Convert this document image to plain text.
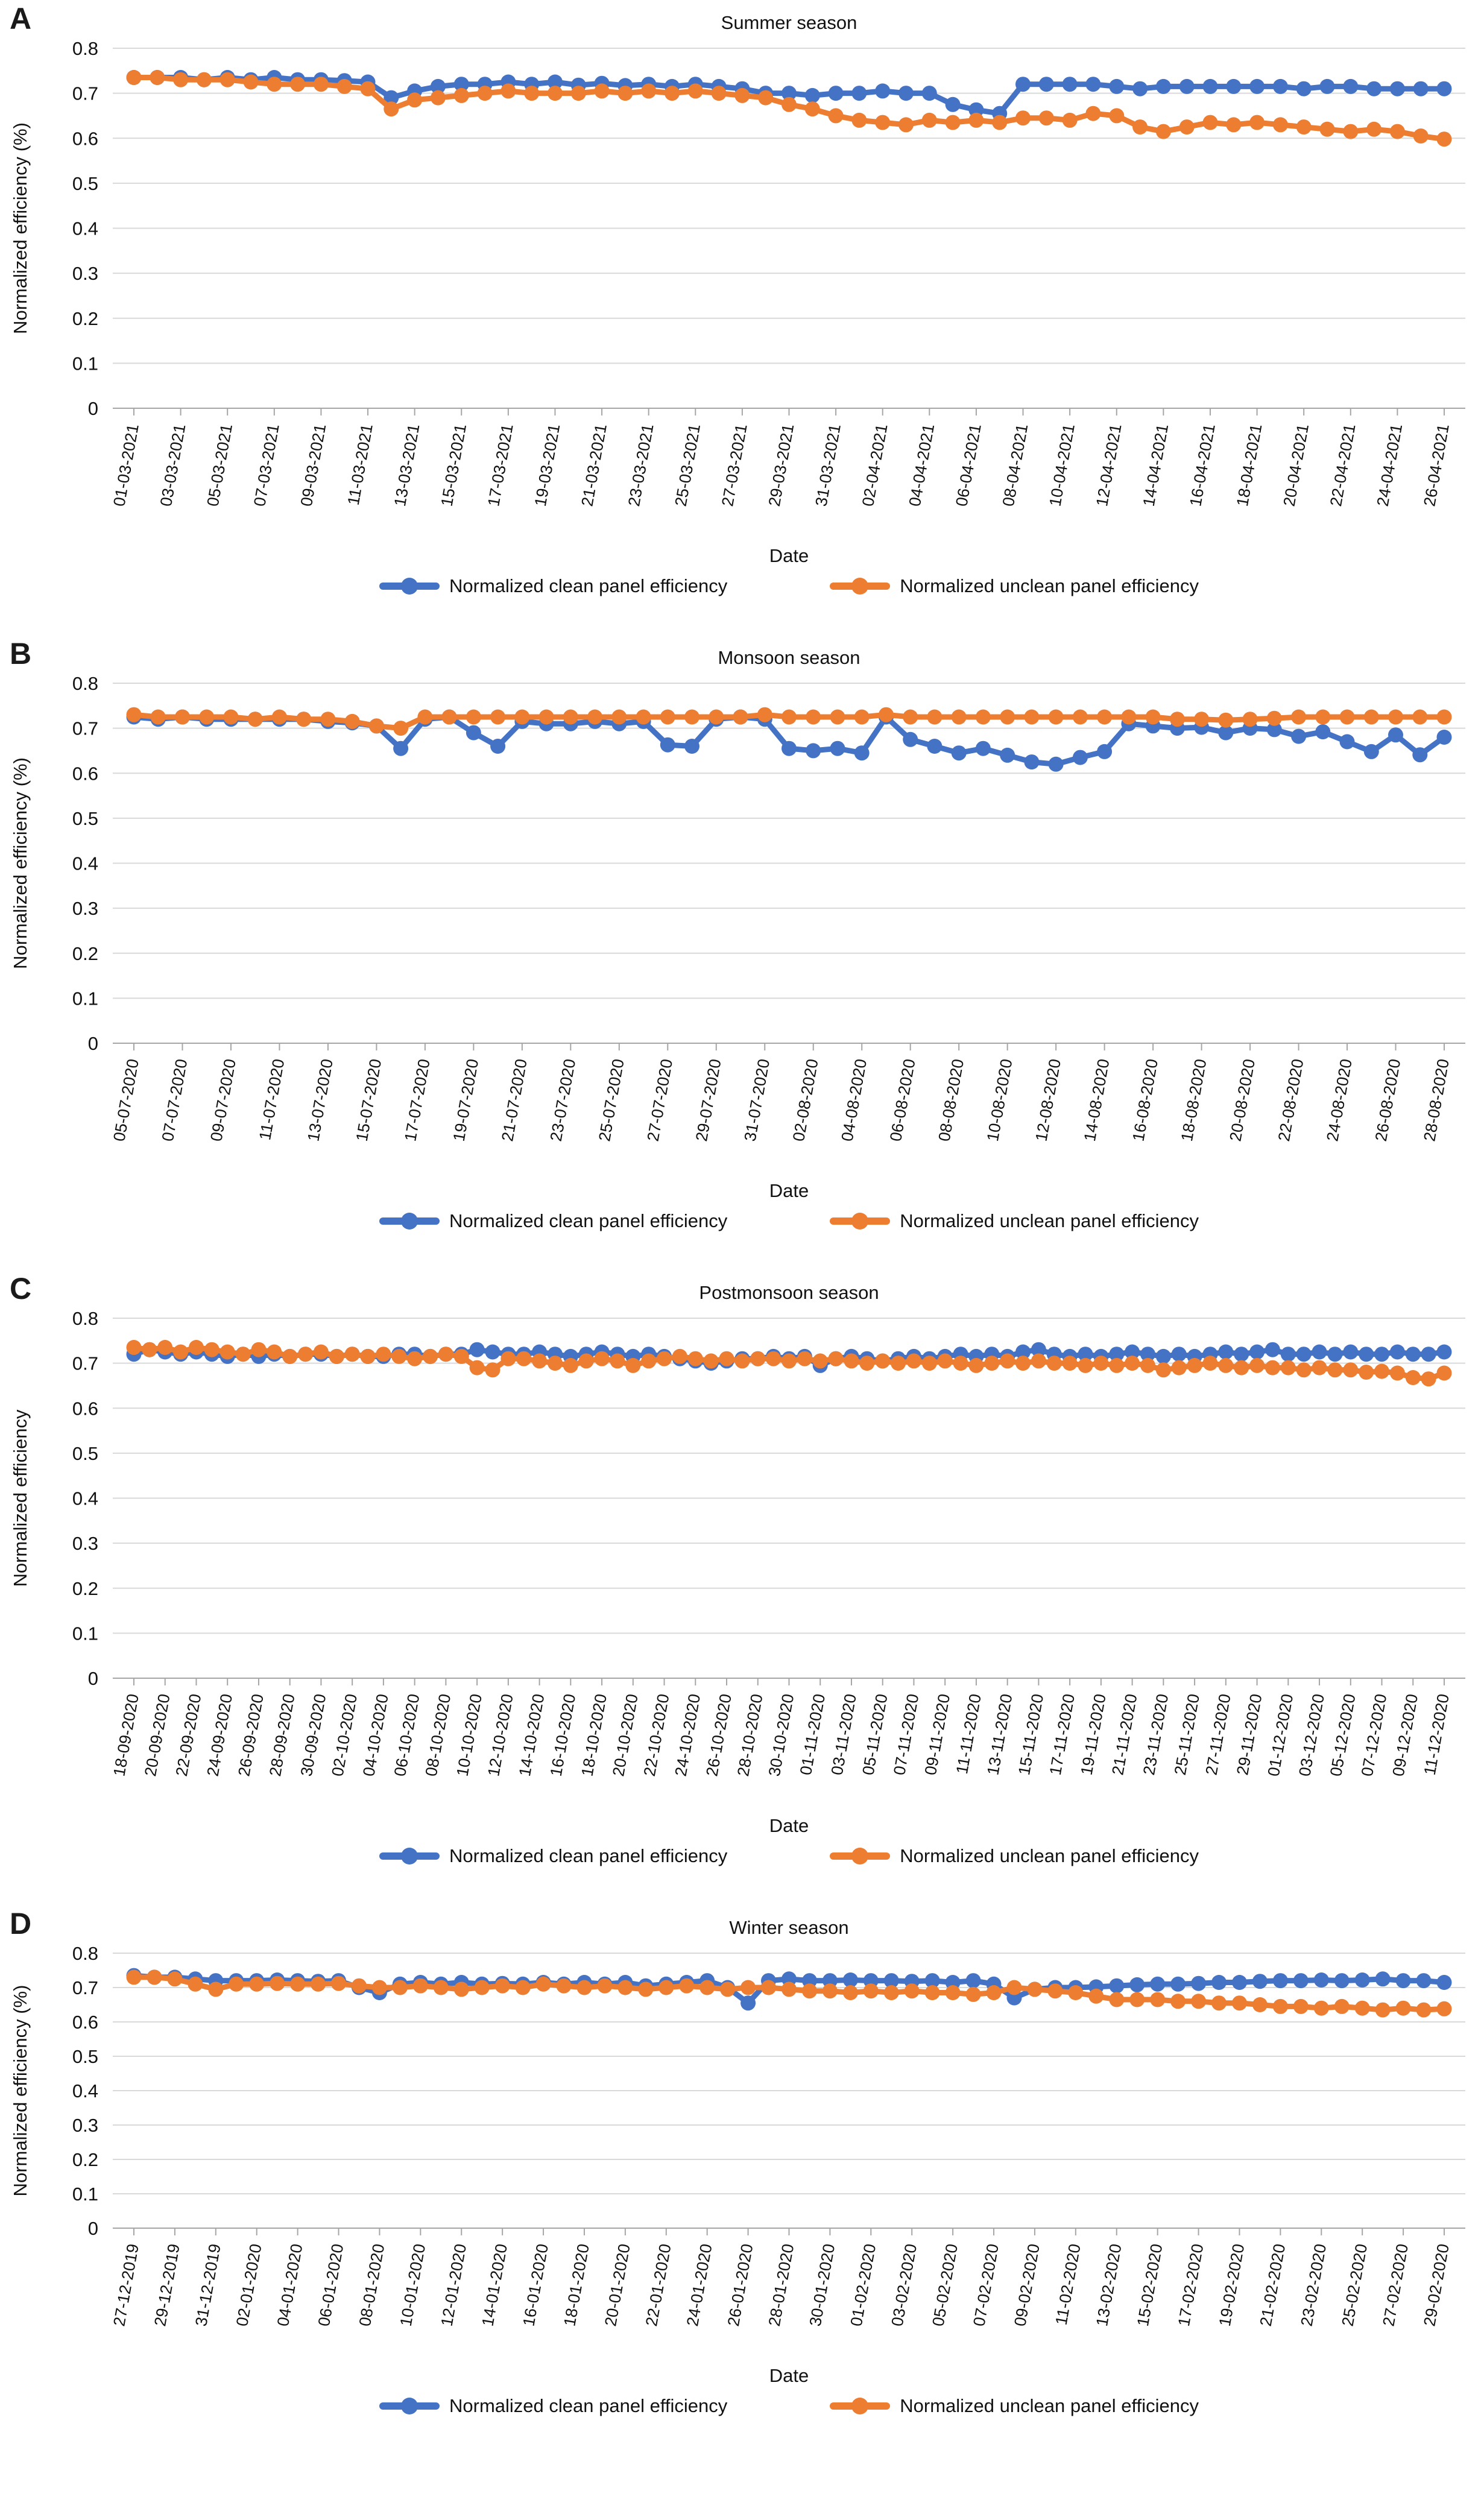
A	Summer season
0
0.1
0.2
0.3
0.4
0.5
0.6
0.7
0.8
Normalized efficiency (%)
01-03-2021 03-03-2021 05-03-2021 07-03-2021 09-03-2021 11-03-2021 13-03-2021 15-03-2021 17-03-2021 19-03-2021 21-03-2021 23-03-2021 25-03-2021 27-03-2021 29-03-2021 31-03-2021 02-04-2021 04-04-2021 06-04-2021 08-04-2021 10-04-2021 12-04-2021 14-04-2021 16-04-2021 18-04-2021 20-04-2021 22-04-2021 24-04-2021 26-04-2021
Date
Normalized clean panel efficiency	Normalized unclean panel efficiency
B	Monsoon season
0
0.1
0.2
0.3
0.4
0.5
0.6
0.7
0.8
Normalized efficiency (%)
05-07-2020 07-07-2020 09-07-2020 11-07-2020 13-07-2020 15-07-2020 17-07-2020 19-07-2020 21-07-2020 23-07-2020 25-07-2020 27-07-2020 29-07-2020 31-07-2020 02-08-2020 04-08-2020 06-08-2020 08-08-2020 10-08-2020 12-08-2020 14-08-2020 16-08-2020 18-08-2020 20-08-2020 22-08-2020 24-08-2020 26-08-2020 28-08-2020
Date
Normalized clean panel efficiency	Normalized unclean panel efficiency
C	Postmonsoon season
0
0.1
0.2
0.3
0.4
0.5
0.6
0.7
0.8
Normalized efficiency
18-09-2020
20-09-2020
22-09-2020
24-09-2020
26-09-2020
28-09-2020
30-09-2020
02-10-2020
04-10-2020
06-10-2020
08-10-2020
10-10-2020
12-10-2020
14-10-2020
16-10-2020
18-10-2020
20-10-2020
22-10-2020
24-10-2020
26-10-2020
28-10-2020
30-10-2020
01-11-2020
03-11-2020
05-11-2020
07-11-2020
09-11-2020
11-11-2020
13-11-2020
15-11-2020
17-11-2020
19-11-2020
21-11-2020
23-11-2020
25-11-2020
27-11-2020
29-11-2020
01-12-2020
03-12-2020
05-12-2020
07-12-2020
09-12-2020
11-12-2020
Date
Normalized clean panel efficiency	Normalized unclean panel efficiency
D	Winter season
0
0.1
0.2
0.3
0.4
0.5
0.6
0.7
0.8
Normalized efficiency (%)
27-12-2019 29-12-2019 31-12-2019 02-01-2020 04-01-2020 06-01-2020 08-01-2020 10-01-2020 12-01-2020 14-01-2020 16-01-2020 18-01-2020 20-01-2020 22-01-2020 24-01-2020 26-01-2020 28-01-2020 30-01-2020 01-02-2020 03-02-2020 05-02-2020 07-02-2020 09-02-2020 11-02-2020 13-02-2020 15-02-2020 17-02-2020 19-02-2020 21-02-2020 23-02-2020 25-02-2020 27-02-2020 29-02-2020
Date
Normalized clean panel efficiency	Normalized unclean panel efficiency
